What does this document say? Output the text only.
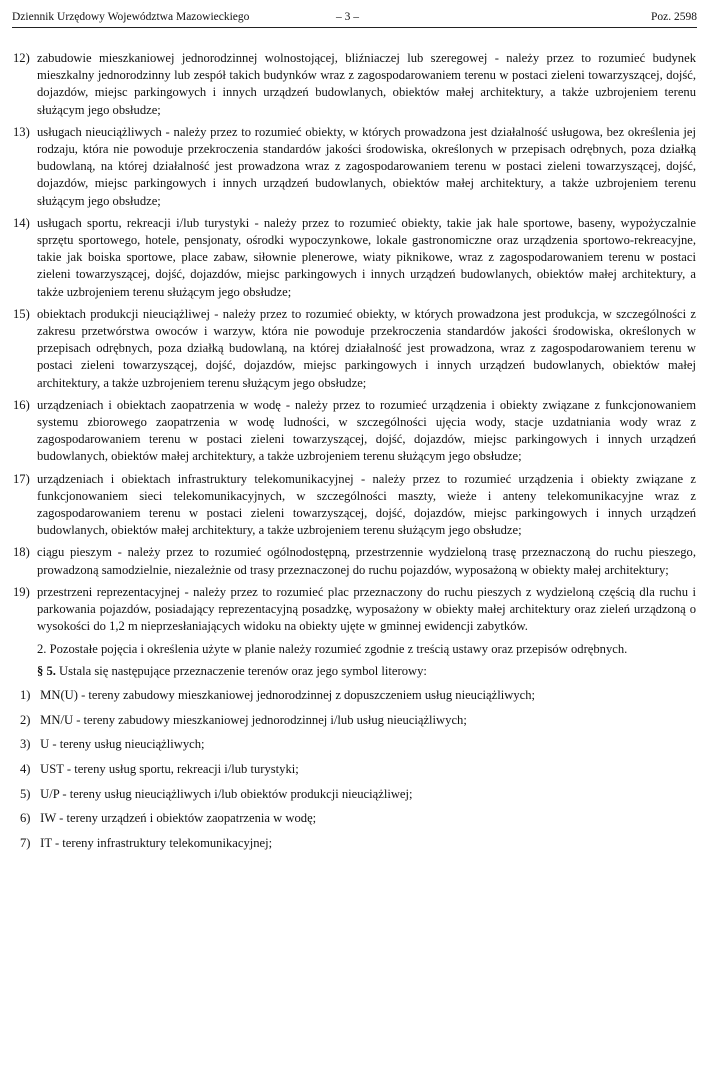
Dziennik Urzędowy Województwa Mazowieckiego	– 3 –	Poz. 2598
12) zabudowie mieszkaniowej jednorodzinnej wolnostojącej, bliźniaczej lub szeregowej - należy przez to rozumieć budynek mieszkalny jednorodzinny lub zespół takich budynków wraz z zagospodarowaniem terenu w postaci zieleni towarzyszącej, dojść, dojazdów, miejsc parkingowych i innych urządzeń budowlanych, obiektów małej architektury, a także uzbrojeniem terenu służącym jego obsłudze;
13) usługach nieuciążliwych - należy przez to rozumieć obiekty, w których prowadzona jest działalność usługowa, bez określenia jej rodzaju, która nie powoduje przekroczenia standardów jakości środowiska, określonych w przepisach odrębnych, poza działką budowlaną, na której działalność jest prowadzona wraz z zagospodarowaniem terenu w postaci zieleni towarzyszącej, dojść, dojazdów, miejsc parkingowych i innych urządzeń budowlanych, obiektów małej architektury, a także uzbrojeniem terenu służącym jego obsłudze;
14) usługach sportu, rekreacji i/lub turystyki - należy przez to rozumieć obiekty, takie jak hale sportowe, baseny, wypożyczalnie sprzętu sportowego, hotele, pensjonaty, ośrodki wypoczynkowe, lokale gastronomiczne oraz urządzenia sportowo-rekreacyjne, takie jak boiska sportowe, place zabaw, siłownie plenerowe, wiaty piknikowe, wraz z zagospodarowaniem terenu w postaci zieleni towarzyszącej, dojść, dojazdów, miejsc parkingowych i innych urządzeń budowlanych, obiektów małej architektury, a także uzbrojeniem terenu służącym jego obsłudze;
15) obiektach produkcji nieuciążliwej - należy przez to rozumieć obiekty, w których prowadzona jest produkcja, w szczególności z zakresu przetwórstwa owoców i warzyw, która nie powoduje przekroczenia standardów jakości środowiska, określonych w przepisach odrębnych, poza działką budowlaną, na której działalność jest prowadzona, wraz z zagospodarowaniem terenu w postaci zieleni towarzyszącej, dojść, dojazdów, miejsc parkingowych i innych urządzeń budowlanych, obiektów małej architektury, a także uzbrojeniem terenu służącym jego obsłudze;
16) urządzeniach i obiektach zaopatrzenia w wodę - należy przez to rozumieć urządzenia i obiekty związane z funkcjonowaniem systemu zbiorowego zaopatrzenia w wodę ludności, w szczególności ujęcia wody, stacje uzdatniania wody wraz z zagospodarowaniem terenu w postaci zieleni towarzyszącej, dojść, dojazdów, miejsc parkingowych i innych urządzeń budowlanych, obiektów małej architektury, a także uzbrojeniem terenu służącym jego obsłudze;
17) urządzeniach i obiektach infrastruktury telekomunikacyjnej - należy przez to rozumieć urządzenia i obiekty związane z funkcjonowaniem sieci telekomunikacyjnych, w szczególności maszty, wieże i anteny telekomunikacyjne wraz z zagospodarowaniem terenu w postaci zieleni towarzyszącej, dojść, dojazdów, miejsc parkingowych i innych urządzeń budowlanych, obiektów małej architektury, a także uzbrojeniem terenu służącym jego obsłudze;
18) ciągu pieszym - należy przez to rozumieć ogólnodostępną, przestrzennie wydzieloną trasę przeznaczoną do ruchu pieszego, prowadzoną samodzielnie, niezależnie od trasy przeznaczonej do ruchu pojazdów, wyposażoną w obiekty małej architektury;
19) przestrzeni reprezentacyjnej - należy przez to rozumieć plac przeznaczony do ruchu pieszych z wydzieloną częścią dla ruchu i parkowania pojazdów, posiadający reprezentacyjną posadzkę, wyposażony w obiekty małej architektury oraz zieleń urządzoną o wysokości do 1,2 m nieprzesłaniających widoku na obiekty ujęte w gminnej ewidencji zabytków.

2. Pozostałe pojęcia i określenia użyte w planie należy rozumieć zgodnie z treścią ustawy oraz przepisów odrębnych.

§ 5. Ustala się następujące przeznaczenie terenów oraz jego symbol literowy:

1) MN(U) - tereny zabudowy mieszkaniowej jednorodzinnej z dopuszczeniem usług nieuciążliwych;
2) MN/U - tereny zabudowy mieszkaniowej jednorodzinnej i/lub usług nieuciążliwych;
3) U - tereny usług nieuciążliwych;
4) UST - tereny usług sportu, rekreacji i/lub turystyki;
5) U/P - tereny usług nieuciążliwych i/lub obiektów produkcji nieuciążliwej;
6) IW - tereny urządzeń i obiektów zaopatrzenia w wodę;
7) IT - tereny infrastruktury telekomunikacyjnej;
